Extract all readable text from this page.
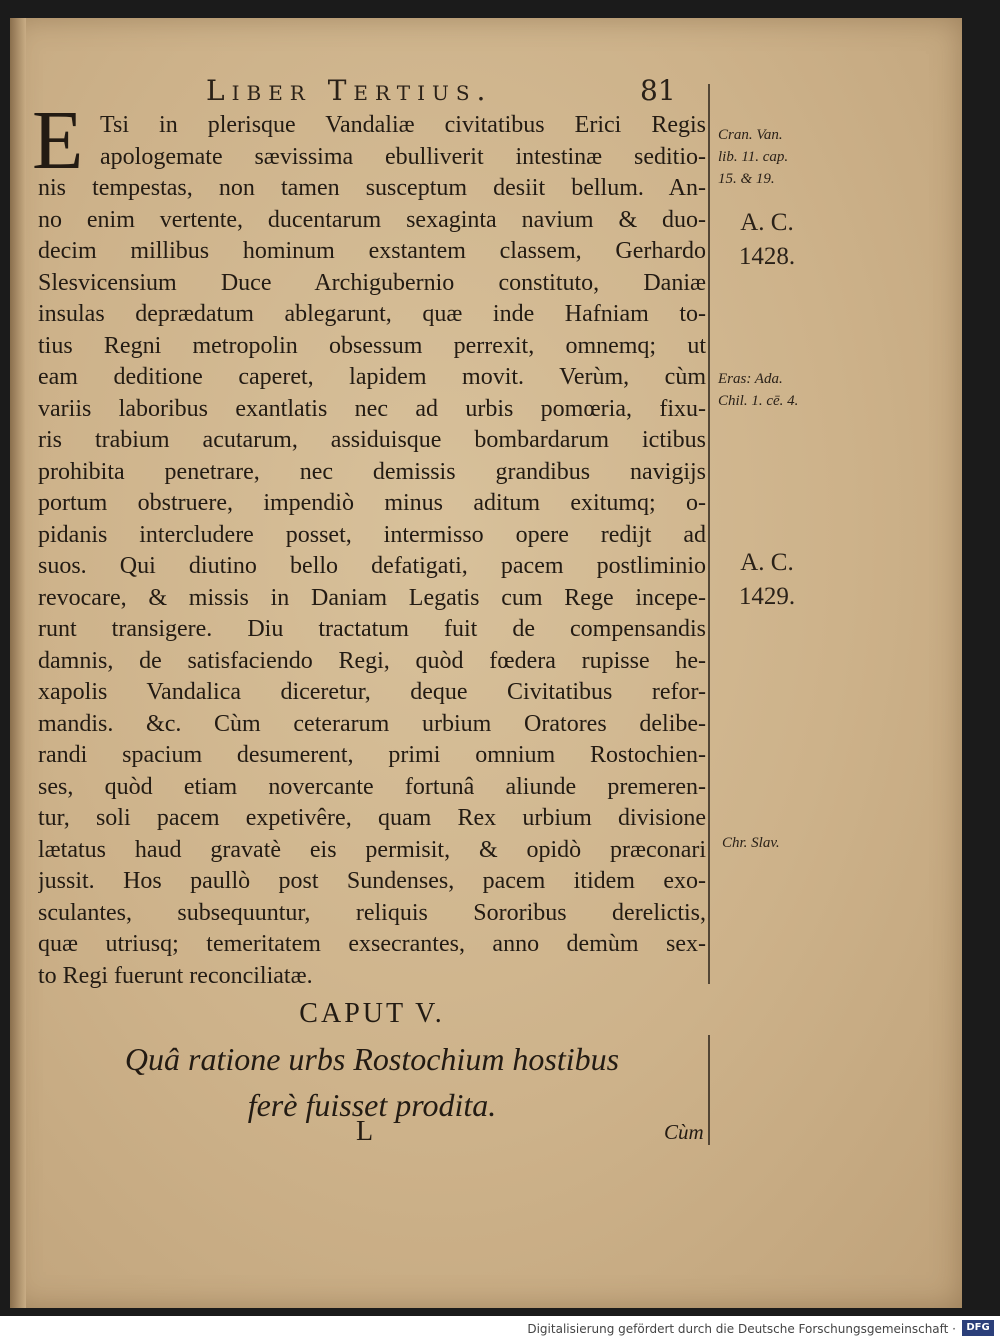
Liber Tertius.	81
E Tsi in plerisque Vandaliæ civitatibus Erici Regis
apologemate sævissima ebulliverit intestinæ seditio-
nis tempestas, non tamen susceptum desiit bellum. An-
no enim vertente, ducentarum sexaginta navium & duo-
decim millibus hominum exstantem classem, Gerhardo
Slesvicensium Duce Archigubernio constituto, Daniæ
insulas deprædatum ablegarunt, quæ inde Hafniam to-
tius Regni metropolin obsessum perrexit, omnemq; ut
eam deditione caperet, lapidem movit. Verùm, cùm
variis laboribus exantlatis nec ad urbis pomœria, fixu-
ris trabium acutarum, assiduisque bombardarum ictibus
prohibita penetrare, nec demissis grandibus navigijs
portum obstruere, impendiò minus aditum exitumq; o-
pidanis intercludere posset, intermisso opere redijt ad
suos. Qui diutino bello defatigati, pacem postliminio
revocare, & missis in Daniam Legatis cum Rege incepe-
runt transigere. Diu tractatum fuit de compensandis
damnis, de satisfaciendo Regi, quòd fœdera rupisse he-
xapolis Vandalica diceretur, deque Civitatibus refor-
mandis. &c. Cùm ceterarum urbium Oratores delibe-
randi spacium desumerent, primi omnium Rostochien-
ses, quòd etiam novercante fortunâ aliunde premeren-
tur, soli pacem expetivêre, quam Rex urbium divisione
lætatus haud gravatè eis permisit, & opidò præconari
jussit. Hos paullò post Sundenses, pacem itidem exo-
sculantes, subsequuntur, reliquis Sororibus derelictis,
quæ utriusq; temeritatem exsecrantes, anno demùm sex-
to Regi fuerunt reconciliatæ.
Cran. Van.
lib. 11. cap.
15. & 19.
A. C.
1428.
Eras: Ada.
Chil. 1. cē. 4.
A. C.
1429.
Chr. Slav.
CAPUT V.
Quâ ratione urbs Rostochium hostibus
ferè fuisset prodita.
L	Cùm
Digitalisierung gefördert durch die Deutsche Forschungsgemeinschaft ·	DFG
